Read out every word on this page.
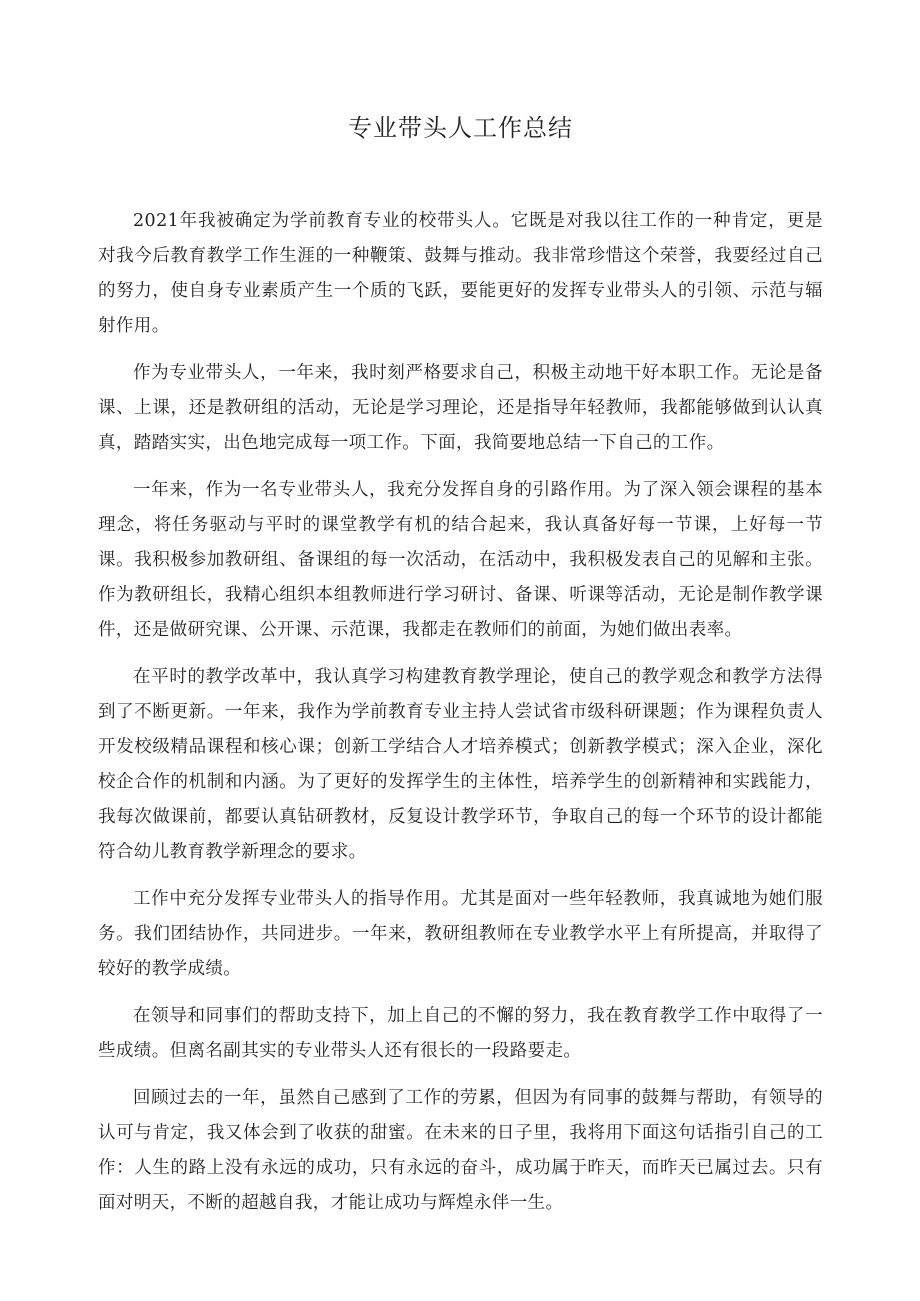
专业带头人工作总结

2021年我被确定为学前教育专业的校带头人。它既是对我以往工作的一种肯定，更是对我今后教育教学工作生涯的一种鞭策、鼓舞与推动。我非常珍惜这个荣誉，我要经过自己的努力，使自身专业素质产生一个质的飞跃，要能更好的发挥专业带头人的引领、示范与辐射作用。

作为专业带头人，一年来，我时刻严格要求自己，积极主动地干好本职工作。无论是备课、上课，还是教研组的活动，无论是学习理论，还是指导年轻教师，我都能够做到认认真真，踏踏实实，出色地完成每一项工作。下面，我简要地总结一下自己的工作。

一年来，作为一名专业带头人，我充分发挥自身的引路作用。为了深入领会课程的基本理念，将任务驱动与平时的课堂教学有机的结合起来，我认真备好每一节课，上好每一节课。我积极参加教研组、备课组的每一次活动，在活动中，我积极发表自己的见解和主张。作为教研组长，我精心组织本组教师进行学习研讨、备课、听课等活动，无论是制作教学课件，还是做研究课、公开课、示范课，我都走在教师们的前面，为她们做出表率。

在平时的教学改革中，我认真学习构建教育教学理论，使自己的教学观念和教学方法得到了不断更新。一年来，我作为学前教育专业主持人尝试省市级科研课题；作为课程负责人开发校级精品课程和核心课；创新工学结合人才培养模式；创新教学模式；深入企业，深化校企合作的机制和内涵。为了更好的发挥学生的主体性，培养学生的创新精神和实践能力，我每次做课前，都要认真钻研教材，反复设计教学环节，争取自己的每一个环节的设计都能符合幼儿教育教学新理念的要求。

工作中充分发挥专业带头人的指导作用。尤其是面对一些年轻教师，我真诚地为她们服务。我们团结协作，共同进步。一年来，教研组教师在专业教学水平上有所提高，并取得了较好的教学成绩。

在领导和同事们的帮助支持下，加上自己的不懈的努力，我在教育教学工作中取得了一些成绩。但离名副其实的专业带头人还有很长的一段路要走。

回顾过去的一年，虽然自己感到了工作的劳累，但因为有同事的鼓舞与帮助，有领导的认可与肯定，我又体会到了收获的甜蜜。在未来的日子里，我将用下面这句话指引自己的工作：人生的路上没有永远的成功，只有永远的奋斗，成功属于昨天，而昨天已属过去。只有面对明天，不断的超越自我，才能让成功与辉煌永伴一生。
